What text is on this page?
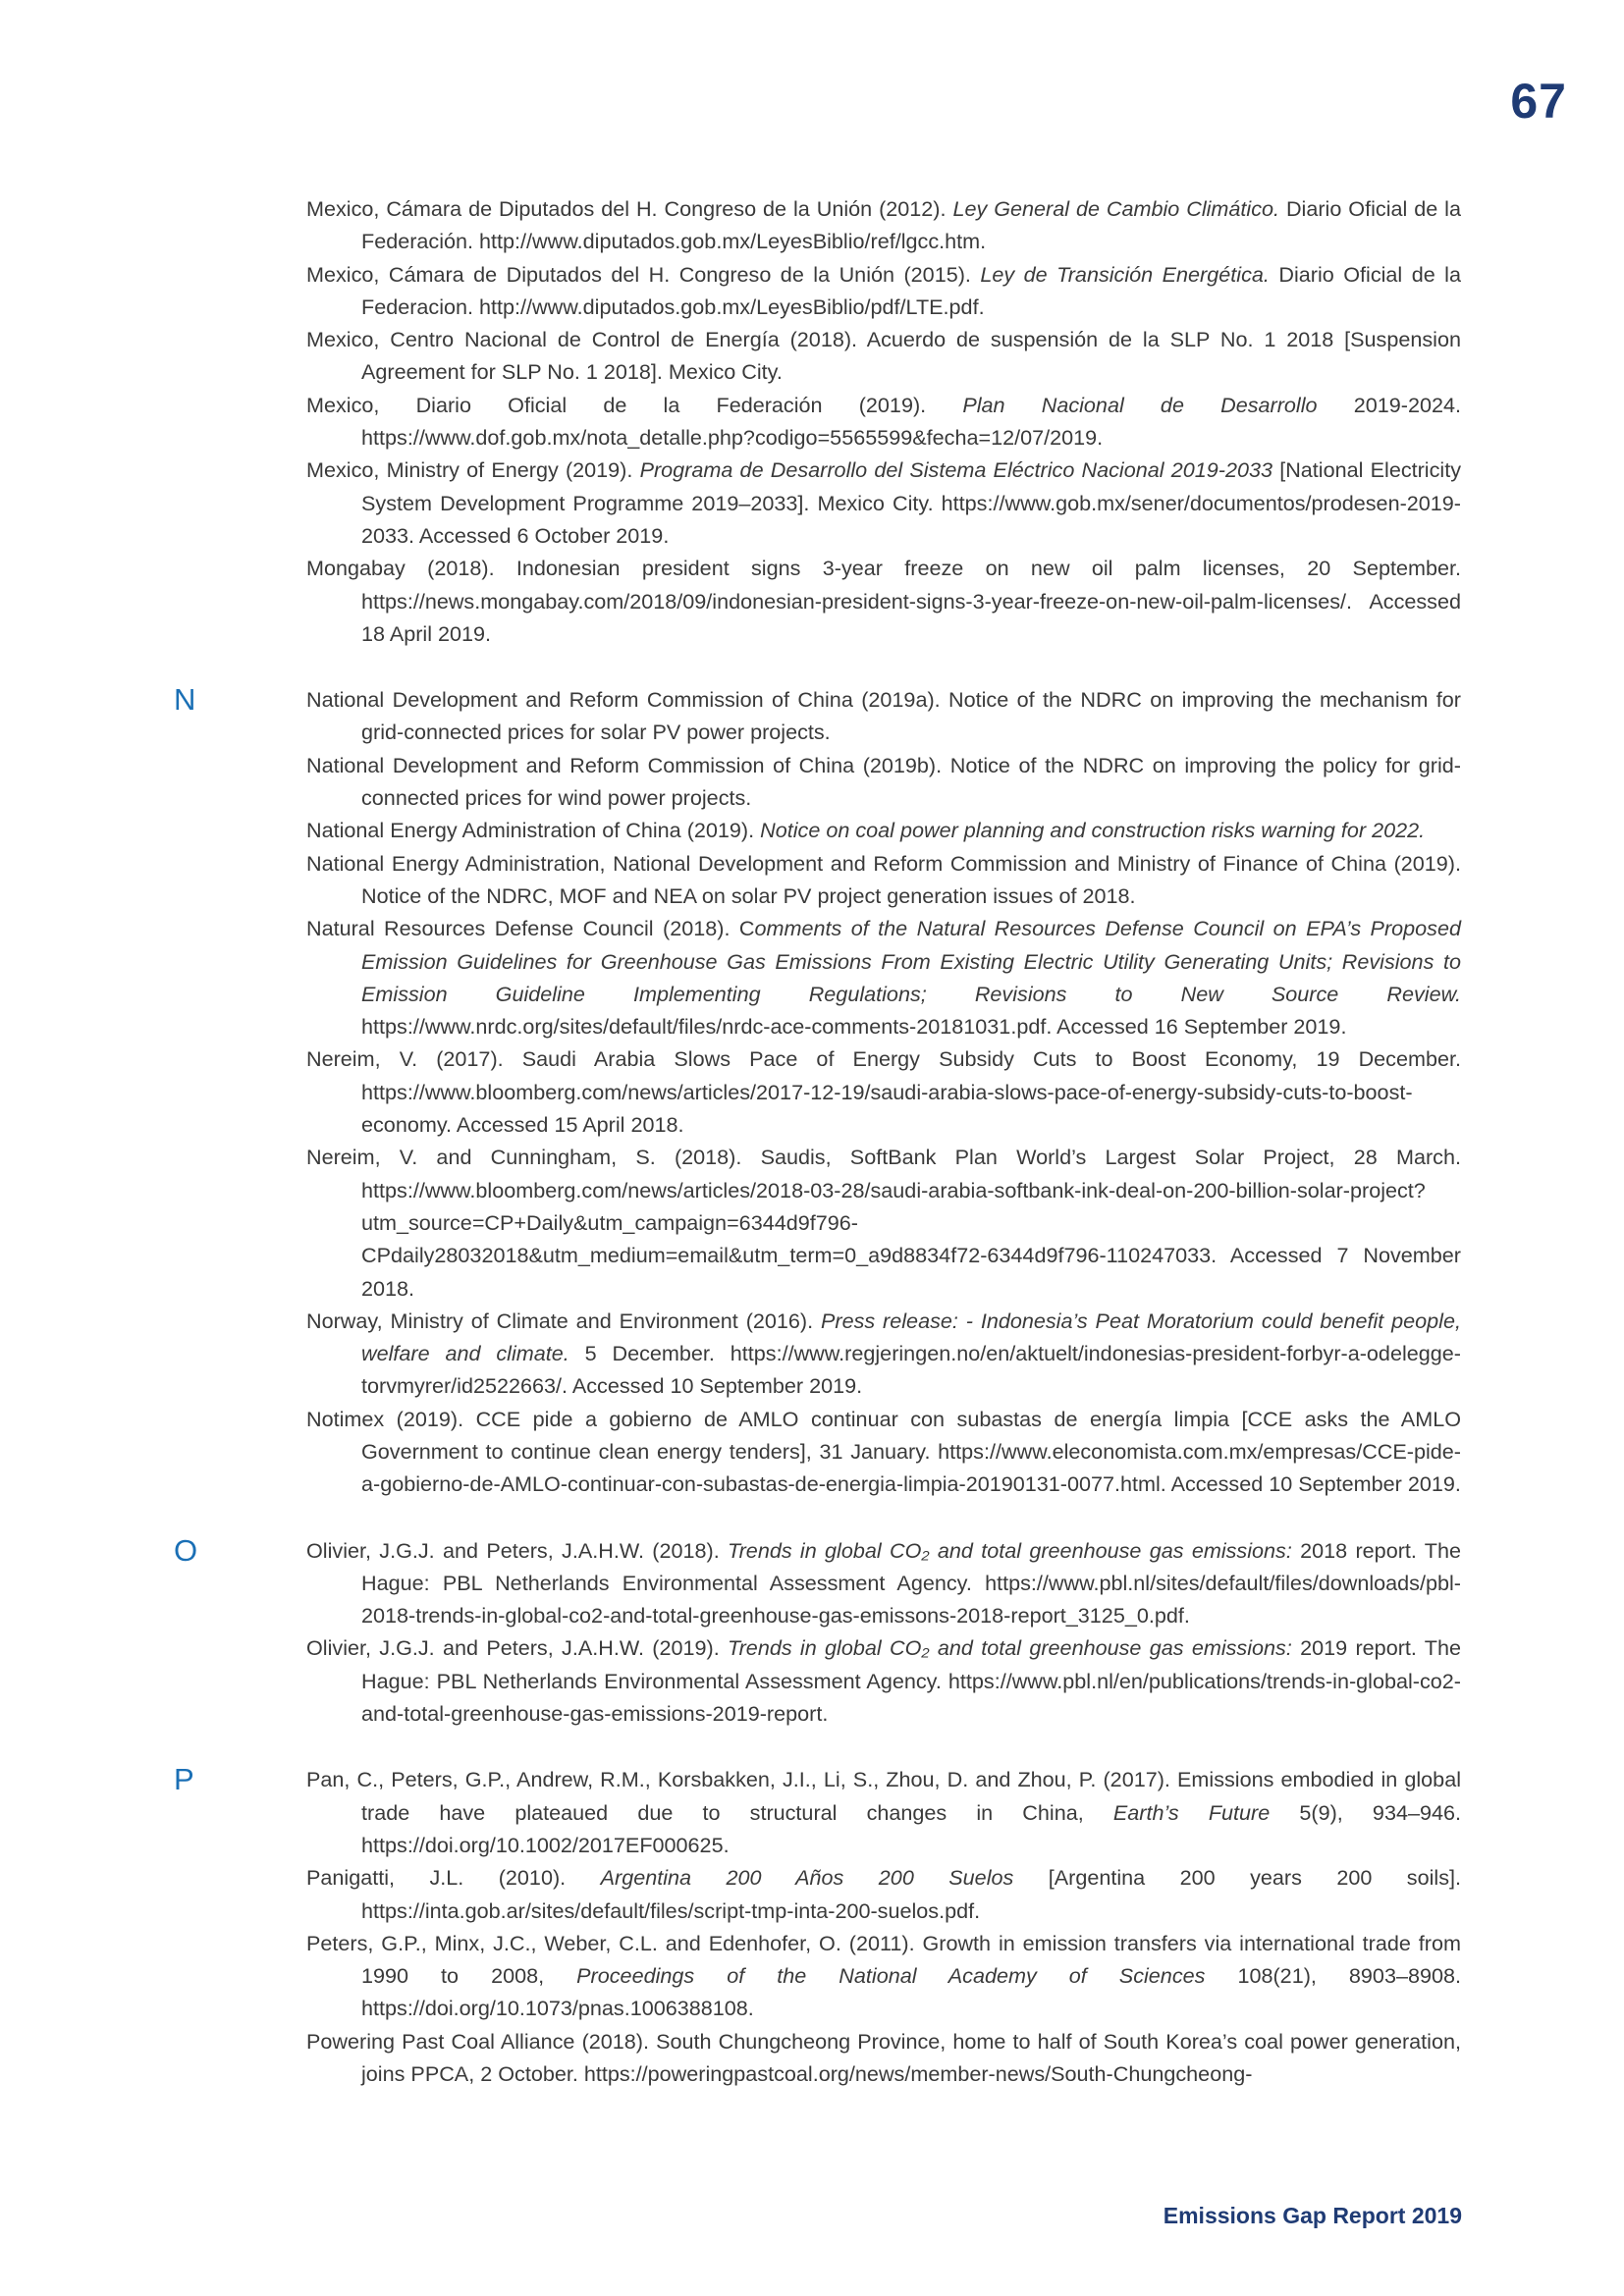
67

Mexico, Cámara de Diputados del H. Congreso de la Unión (2012). Ley General de Cambio Climático. Diario Oficial de la Federación. http://www.diputados.gob.mx/LeyesBiblio/ref/lgcc.htm.

Mexico, Cámara de Diputados del H. Congreso de la Unión (2015). Ley de Transición Energética. Diario Oficial de la Federacion. http://www.diputados.gob.mx/LeyesBiblio/pdf/LTE.pdf.

Mexico, Centro Nacional de Control de Energía (2018). Acuerdo de suspensión de la SLP No. 1 2018 [Suspension Agreement for SLP No. 1 2018]. Mexico City.

Mexico, Diario Oficial de la Federación (2019). Plan Nacional de Desarrollo 2019-2024. https://www.dof.gob.mx/nota_detalle.php?codigo=5565599&fecha=12/07/2019.

Mexico, Ministry of Energy (2019). Programa de Desarrollo del Sistema Eléctrico Nacional 2019-2033 [National Electricity System Development Programme 2019–2033]. Mexico City. https://www.gob.mx/sener/documentos/prodesen-2019-2033. Accessed 6 October 2019.

Mongabay (2018). Indonesian president signs 3-year freeze on new oil palm licenses, 20 September. https://news.mongabay.com/2018/09/indonesian-president-signs-3-year-freeze-on-new-oil-palm-licenses/. Accessed 18 April 2019.

N	National Development and Reform Commission of China (2019a). Notice of the NDRC on improving the mechanism for grid-connected prices for solar PV power projects.

National Development and Reform Commission of China (2019b). Notice of the NDRC on improving the policy for grid-connected prices for wind power projects.

National Energy Administration of China (2019). Notice on coal power planning and construction risks warning for 2022.

National Energy Administration, National Development and Reform Commission and Ministry of Finance of China (2019). Notice of the NDRC, MOF and NEA on solar PV project generation issues of 2018.

Natural Resources Defense Council (2018). Comments of the Natural Resources Defense Council on EPA’s Proposed Emission Guidelines for Greenhouse Gas Emissions From Existing Electric Utility Generating Units; Revisions to Emission Guideline Implementing Regulations; Revisions to New Source Review. https://www.nrdc.org/sites/default/files/nrdc-ace-comments-20181031.pdf. Accessed 16 September 2019.

Nereim, V. (2017). Saudi Arabia Slows Pace of Energy Subsidy Cuts to Boost Economy, 19 December. https://www.bloomberg.com/news/articles/2017-12-19/saudi-arabia-slows-pace-of-energy-subsidy-cuts-to-boost-economy. Accessed 15 April 2018.

Nereim, V. and Cunningham, S. (2018). Saudis, SoftBank Plan World’s Largest Solar Project, 28 March. https://www.bloomberg.com/news/articles/2018-03-28/saudi-arabia-softbank-ink-deal-on-200-billion-solar-project?utm_source=CP+Daily&utm_campaign=6344d9f796-CPdaily28032018&utm_medium=email&utm_term=0_a9d8834f72-6344d9f796-110247033. Accessed 7 November 2018.

Norway, Ministry of Climate and Environment (2016). Press release: - Indonesia’s Peat Moratorium could benefit people, welfare and climate. 5 December. https://www.regjeringen.no/en/aktuelt/indonesias-president-forbyr-a-odelegge-torvmyrer/id2522663/. Accessed 10 September 2019.

Notimex (2019). CCE pide a gobierno de AMLO continuar con subastas de energía limpia [CCE asks the AMLO Government to continue clean energy tenders], 31 January. https://www.eleconomista.com.mx/empresas/CCE-pide-a-gobierno-de-AMLO-continuar-con-subastas-de-energia-limpia-20190131-0077.html. Accessed 10 September 2019.

O	Olivier, J.G.J. and Peters, J.A.H.W. (2018). Trends in global CO₂ and total greenhouse gas emissions: 2018 report. The Hague: PBL Netherlands Environmental Assessment Agency. https://www.pbl.nl/sites/default/files/downloads/pbl-2018-trends-in-global-co2-and-total-greenhouse-gas-emissons-2018-report_3125_0.pdf.

Olivier, J.G.J. and Peters, J.A.H.W. (2019). Trends in global CO₂ and total greenhouse gas emissions: 2019 report. The Hague: PBL Netherlands Environmental Assessment Agency. https://www.pbl.nl/en/publications/trends-in-global-co2-and-total-greenhouse-gas-emissions-2019-report.

P	Pan, C., Peters, G.P., Andrew, R.M., Korsbakken, J.I., Li, S., Zhou, D. and Zhou, P. (2017). Emissions embodied in global trade have plateaued due to structural changes in China, Earth’s Future 5(9), 934–946. https://doi.org/10.1002/2017EF000625.

Panigatti, J.L. (2010). Argentina 200 Años 200 Suelos [Argentina 200 years 200 soils]. https://inta.gob.ar/sites/default/files/script-tmp-inta-200-suelos.pdf.

Peters, G.P., Minx, J.C., Weber, C.L. and Edenhofer, O. (2011). Growth in emission transfers via international trade from 1990 to 2008, Proceedings of the National Academy of Sciences 108(21), 8903–8908. https://doi.org/10.1073/pnas.1006388108.

Powering Past Coal Alliance (2018). South Chungcheong Province, home to half of South Korea’s coal power generation, joins PPCA, 2 October. https://poweringpastcoal.org/news/member-news/South-Chungcheong-

Emissions Gap Report 2019
